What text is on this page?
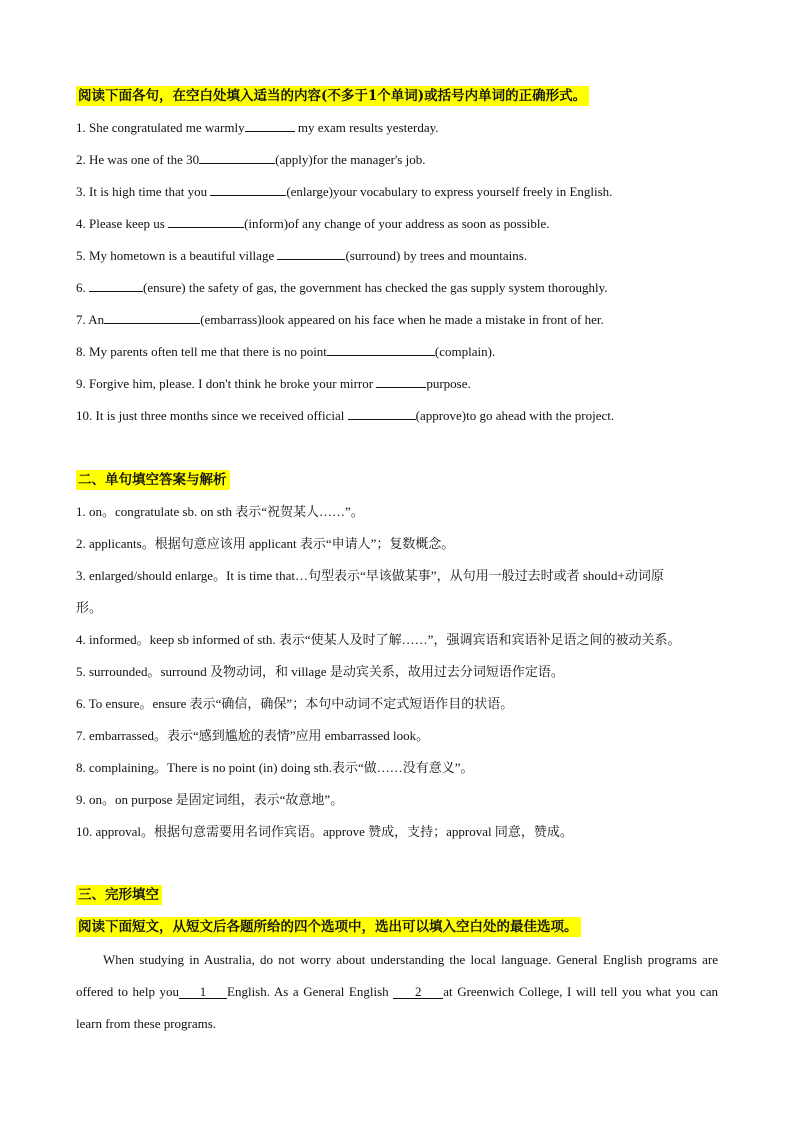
阅读下面各句，在空白处填入适当的内容(不多于1个单词)或括号内单词的正确形式。
1. She congratulated me warmly	my exam results yesterday.
2. He was one of the 30	(apply)for the manager's job.
3. It is high time that you	(enlarge)your vocabulary to express yourself freely in English.
4. Please keep us	(inform)of any change of your address as soon as possible.
5. My hometown is a beautiful village	(surround) by trees and mountains.
6.	(ensure) the safety of gas, the government has checked the gas supply system thoroughly.
7. An	(embarrass)look appeared on his face when he made a mistake in front of her.
8. My parents often tell me that there is no point	(complain).
9. Forgive him, please. I don't think he broke your mirror	purpose.
10. It is just three months since we received official	(approve)to go ahead with the project.
二、单句填空答案与解析
1. on。congratulate sb. on sth 表示“祝贺某人……”。
2. applicants。根据句意应该用 applicant 表示“申请人”；复数概念。
3. enlarged/should enlarge。It is time that…句型表示“早该做某事”，从句用一般过去时或者 should+动词原
形。
4. informed。keep sb informed of sth. 表示“使某人及时了解……”，强调宾语和宾语补足语之间的被动关系。
5. surrounded。surround 及物动词，和 village 是动宾关系，故用过去分词短语作定语。
6. To ensure。ensure 表示“确信，确保”；本句中动词不定式短语作目的状语。
7. embarrassed。表示“感到尴尬的表情”应用 embarrassed look。
8. complaining。There is no point (in) doing sth.表示“做……没有意义”。
9. on。on purpose 是固定词组，表示“故意地”。
10. approval。根据句意需要用名词作宾语。approve 赞成，支持；approval 同意，赞成。
三、完形填空
阅读下面短文，从短文后各题所给的四个选项中，选出可以填入空白处的最佳选项。
When studying in Australia, do not worry about understanding the local language. General English programs are offered to help you 1 English. As a General English 2 at Greenwich College, I will tell you what you can learn from these programs.
